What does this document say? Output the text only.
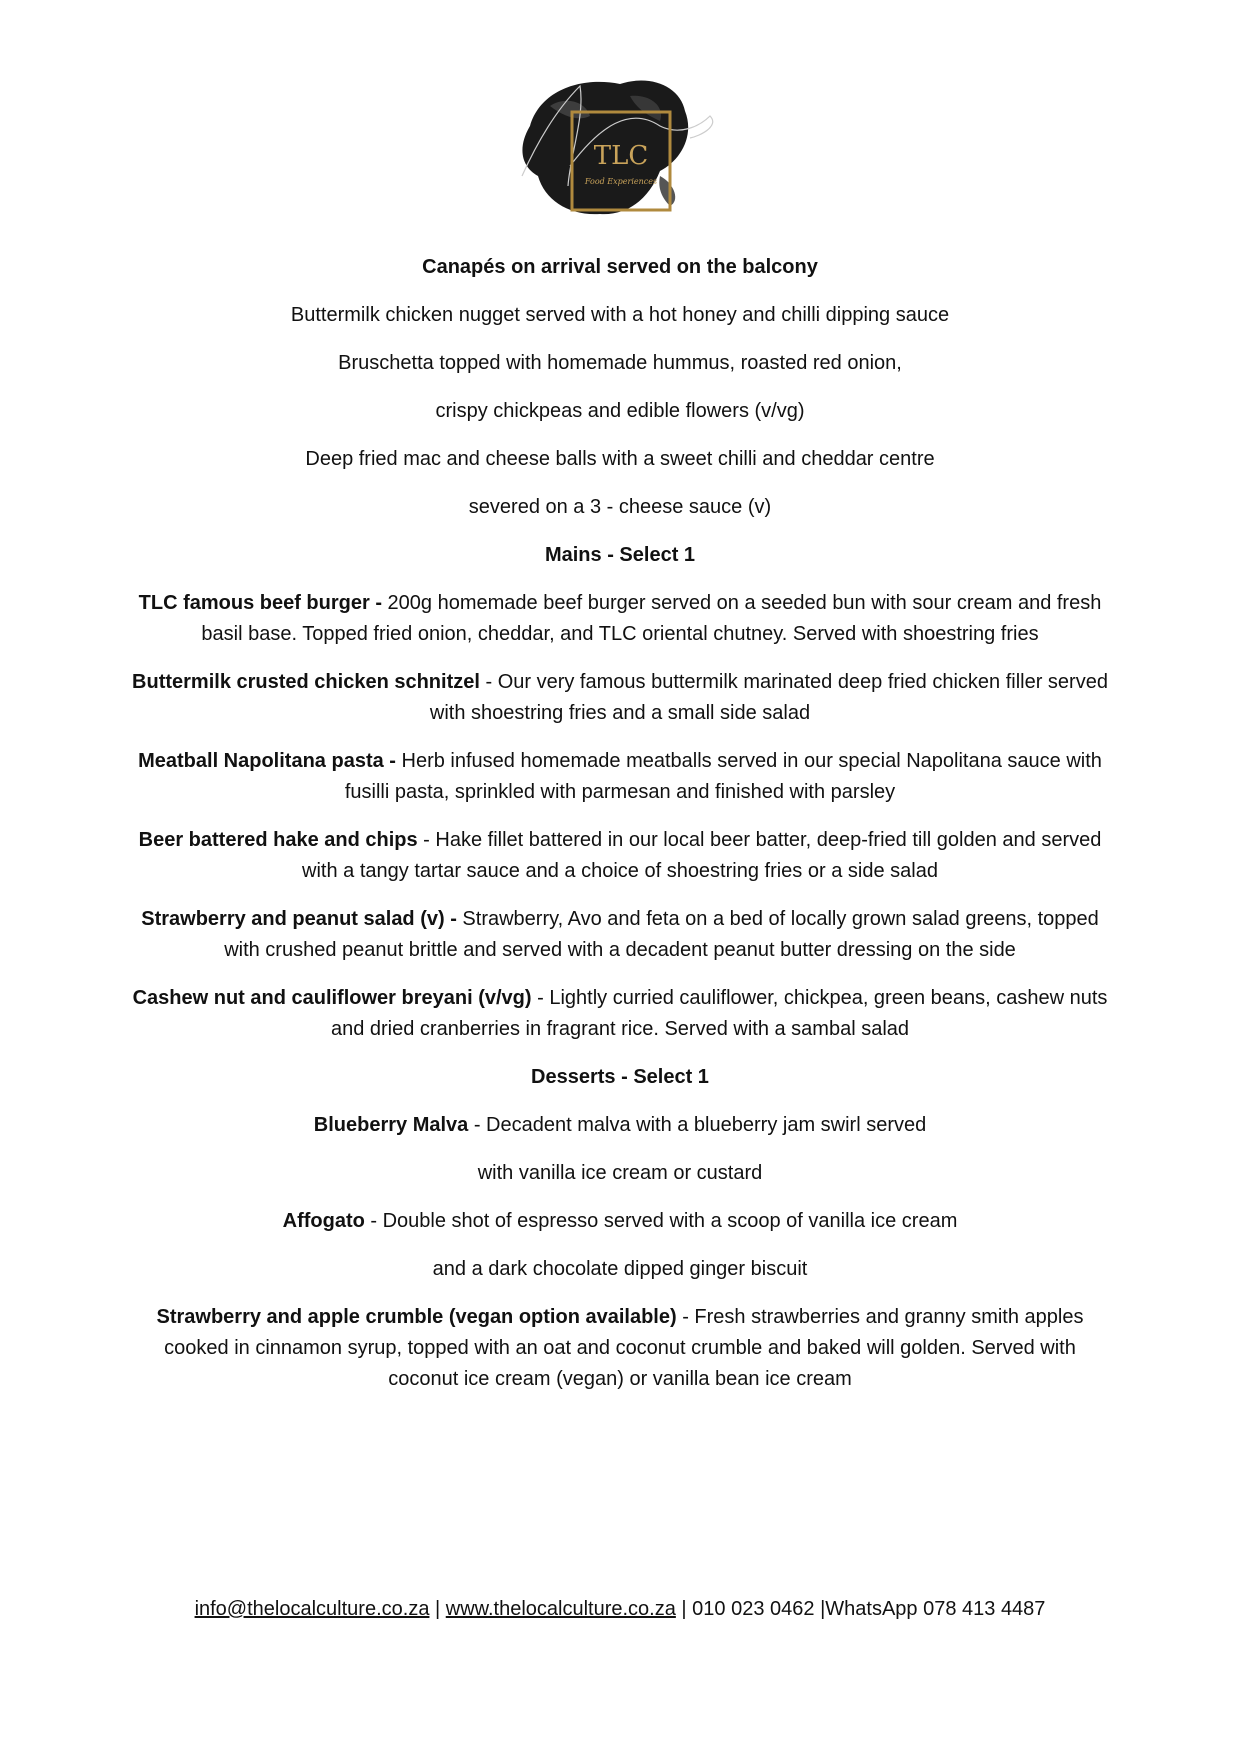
TLC
Food Experiences
Canapés on arrival served on the balcony
Buttermilk chicken nugget served with a hot honey and chilli dipping sauce
Bruschetta topped with homemade hummus, roasted red onion,
crispy chickpeas and edible flowers (v/vg)
Deep fried mac and cheese balls with a sweet chilli and cheddar centre
severed on a 3 - cheese sauce (v)
Mains - Select 1
TLC famous beef burger - 200g homemade beef burger served on a seeded bun with sour cream and fresh basil base. Topped fried onion, cheddar, and TLC oriental chutney. Served with shoestring fries
Buttermilk crusted chicken schnitzel - Our very famous buttermilk marinated deep fried chicken filler served with shoestring fries and a small side salad
Meatball Napolitana pasta - Herb infused homemade meatballs served in our special Napolitana sauce with fusilli pasta, sprinkled with parmesan and finished with parsley
Beer battered hake and chips - Hake fillet battered in our local beer batter, deep-fried till golden and served with a tangy tartar sauce and a choice of shoestring fries or a side salad
Strawberry and peanut salad (v) - Strawberry, Avo and feta on a bed of locally grown salad greens, topped with crushed peanut brittle and served with a decadent peanut butter dressing on the side
Cashew nut and cauliflower breyani (v/vg) - Lightly curried cauliflower, chickpea, green beans, cashew nuts and dried cranberries in fragrant rice. Served with a sambal salad
Desserts - Select 1
Blueberry Malva - Decadent malva with a blueberry jam swirl served
with vanilla ice cream or custard
Affogato - Double shot of espresso served with a scoop of vanilla ice cream
and a dark chocolate dipped ginger biscuit
Strawberry and apple crumble (vegan option available) - Fresh strawberries and granny smith apples cooked in cinnamon syrup, topped with an oat and coconut crumble and baked will golden. Served with coconut ice cream (vegan) or vanilla bean ice cream
info@thelocalculture.co.za | www.thelocalculture.co.za | 010 023 0462 |WhatsApp 078 413 4487
